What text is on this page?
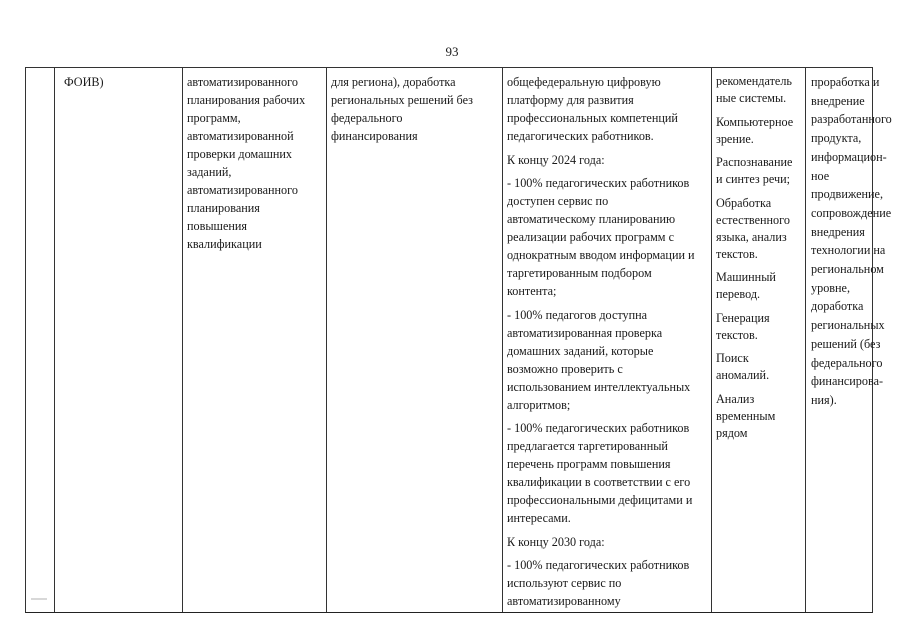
93

ФОИВ)	автоматизированного
планирования рабочих
программ,
автоматизированной
проверки домашних
заданий,
автоматизированного
планирования
повышения
квалификации

для региона), доработка
региональных решений без
федерального
финансирования

общефедеральную цифровую
платформу для развития
профессиональных компетенций
педагогических работников.

К концу 2024 года:

- 100% педагогических работников
доступен сервис по
автоматическому планированию
реализации рабочих программ с
однократным вводом информации и
таргетированным подбором
контента;

- 100% педагогов доступна
автоматизированная проверка
домашних заданий, которые
возможно проверить с
использованием интеллектуальных
алгоритмов;

- 100% педагогических работников
предлагается таргетированный
перечень программ повышения
квалификации в соответствии с его
профессиональными дефицитами и
интересами.

К концу 2030 года:

- 100% педагогических работников
используют сервис по
автоматизированному

рекомендатель
ные системы.

Компьютерное
зрение.

Распознавание
и синтез речи;

Обработка
естественного
языка, анализ
текстов.

Машинный
перевод.

Генерация
текстов.

Поиск
аномалий.

Анализ
временным
рядом

проработка и
внедрение
разработанного
продукта,
информацион-
ное
продвижение,
сопровождение
внедрения
технологии на
региональном
уровне,
доработка
региональных
решений (без
федерального
финансирова-
ния).
